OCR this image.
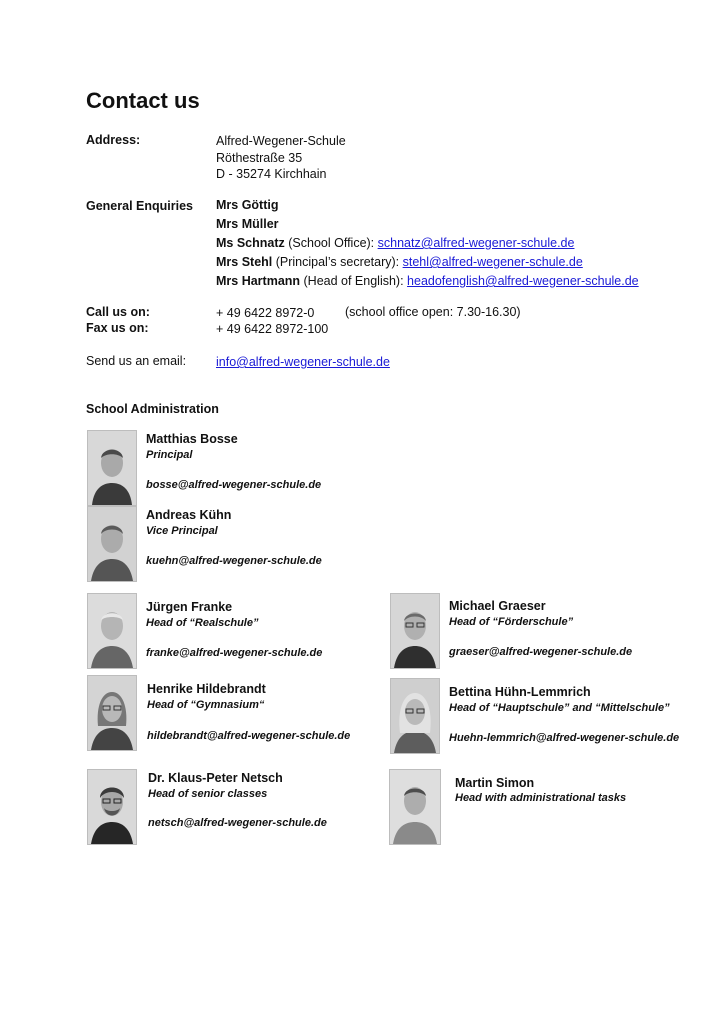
Contact us
Address:	Alfred-Wegener-Schule
Röthestraße 35
D - 35274 Kirchhain
General Enquiries Mrs Göttig
Mrs Müller
Ms Schnatz (School Office): schnatz@alfred-wegener-schule.de
Mrs Stehl (Principal’s secretary): stehl@alfred-wegener-schule.de
Mrs Hartmann (Head of English): headofenglish@alfred-wegener-schule.de
Call us on:	+ 49 6422 8972-0 (school office open: 7.30-16.30)
Fax us on:	+ 49 6422 8972-100
Send us an email: info@alfred-wegener-schule.de
School Administration
Matthias Bosse
Principal
bosse@alfred-wegener-schule.de
Andreas Kühn
Vice Principal
kuehn@alfred-wegener-schule.de
Jürgen Franke
Head of “Realschule”
franke@alfred-wegener-schule.de
Michael Graeser
Head of “Förderschule”
graeser@alfred-wegener-schule.de
Henrike Hildebrandt
Head of “Gymnasium“
hildebrandt@alfred-wegener-schule.de
Bettina Hühn-Lemmrich
Head of “Hauptschule” and “Mittelschule”
Huehn-lemmrich@alfred-wegener-schule.de
Dr. Klaus-Peter Netsch
Head of senior classes
netsch@alfred-wegener-schule.de
Martin Simon
Head with administrational tasks
